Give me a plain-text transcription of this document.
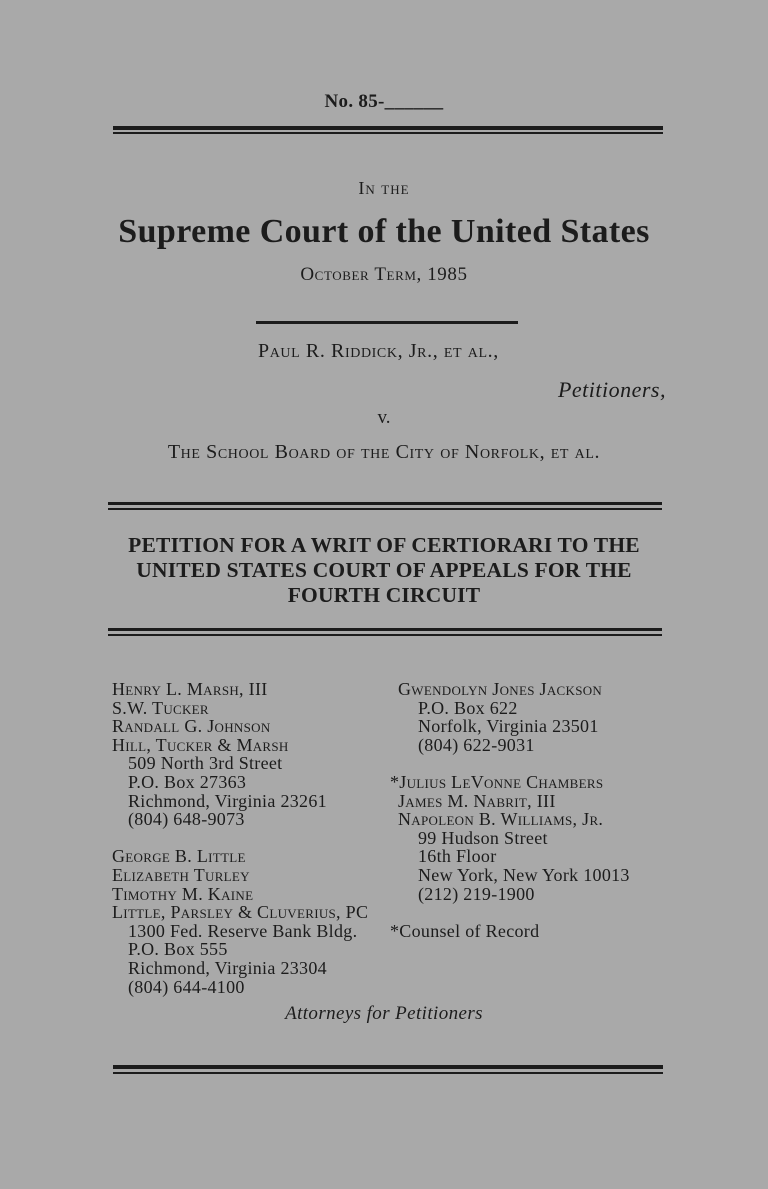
No. 85-______

In the

Supreme Court of the United States

October Term, 1985

Paul R. Riddick, Jr., et al.,

Petitioners,

v.

The School Board of the City of Norfolk, et al.

PETITION FOR A WRIT OF CERTIORARI TO THE UNITED STATES COURT OF APPEALS FOR THE FOURTH CIRCUIT

Henry L. Marsh, III
S.W. Tucker
Randall G. Johnson
Hill, Tucker & Marsh
509 North 3rd Street
P.O. Box 27363
Richmond, Virginia 23261
(804) 648-9073
George B. Little
Elizabeth Turley
Timothy M. Kaine
Little, Parsley & Cluverius, PC
1300 Fed. Reserve Bank Bldg.
P.O. Box 555
Richmond, Virginia 23304
(804) 644-4100
Gwendolyn Jones Jackson
P.O. Box 622
Norfolk, Virginia 23501
(804) 622-9031
*Julius LeVonne Chambers
James M. Nabrit, III
Napoleon B. Williams, Jr.
99 Hudson Street
16th Floor
New York, New York 10013
(212) 219-1900
*Counsel of Record

Attorneys for Petitioners
